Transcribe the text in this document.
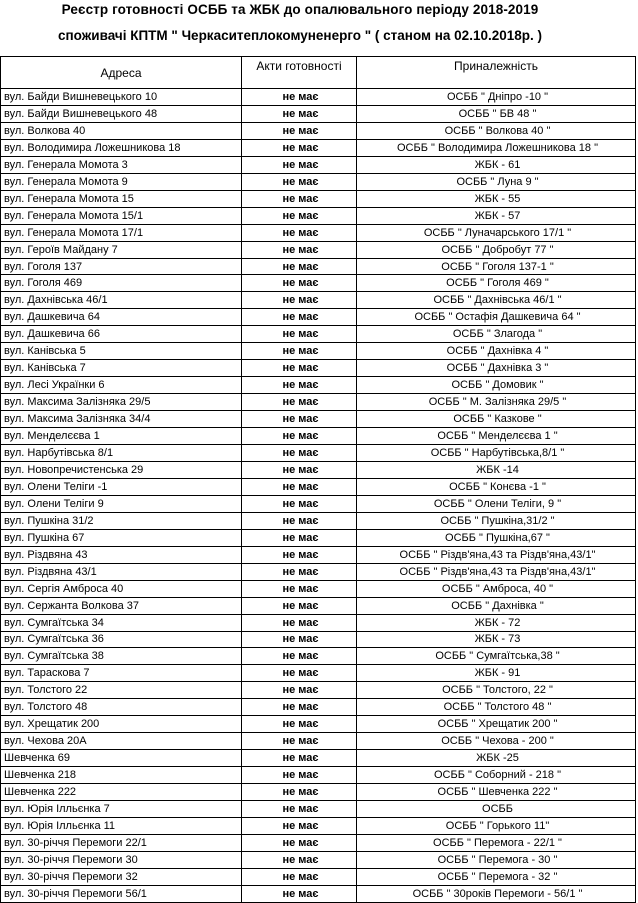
Реєстр готовності ОСББ та ЖБК до опалювального періоду 2018-2019
споживачі КПТМ " Черкаситеплокомуненерго " ( станом на 02.10.2018р. )
Адреса	Акти готовності	Принaлежність
вул. Байди Вишневецького 10	не має	ОСББ " Дніпро -10 "
вул. Байди Вишневецького 48	не має	ОСББ " БВ 48 "
вул. Волкова 40	не має	ОСББ " Волкова 40 "
вул. Володимира Ложешникова 18	не має	ОСББ " Володимира Ложешникова 18 "
вул. Генерала Момота 3	не має	ЖБК - 61
вул. Генерала Момота 9	не має	ОСББ " Луна 9 "
вул. Генерала Момота 15	не має	ЖБК - 55
вул. Генерала Момота 15/1	не має	ЖБК - 57
вул. Генерала Момота 17/1	не має	ОСББ " Луначарського 17/1 "
вул. Героїв Майдану 7	не має	ОСББ " Добробут 77 "
вул. Гоголя 137	не має	ОСББ " Гоголя 137-1 "
вул. Гоголя 469	не має	ОСББ " Гоголя 469 "
вул. Дахнівська 46/1	не має	ОСББ " Дахнівська 46/1 "
вул. Дашкевича 64	не має	ОСББ " Остафія Дашкевича 64 "
вул. Дашкевича 66	не має	ОСББ " Злагода "
вул. Канівська 5	не має	ОСББ " Дахнівка 4 "
вул. Канівська 7	не має	ОСББ " Дахнівка 3 "
вул. Лесі Українки 6	не має	ОСББ " Домовик "
вул. Максима Залізняка 29/5	не має	ОСББ " М. Залізняка 29/5 "
вул. Максима Залізняка 34/4	не має	ОСББ " Казкове "
вул. Менделєєва 1	не має	ОСББ " Менделєєва 1 "
вул. Нарбутівська 8/1	не має	ОСББ " Нарбутівська,8/1 "
вул. Новопречистенська 29	не має	ЖБК -14
вул. Олени Теліги -1	не має	ОСББ " Конєва -1 "
вул. Олени Теліги 9	не має	ОСББ " Олени Теліги, 9 "
вул. Пушкіна 31/2	не має	ОСББ " Пушкіна,31/2 "
вул. Пушкіна 67	не має	ОСББ " Пушкіна,67 "
вул. Різдвяна 43	не має	ОСББ " Різдв'яна,43 та Різдв'яна,43/1"
вул. Різдвяна 43/1	не має	ОСББ " Різдв'яна,43 та Різдв'яна,43/1"
вул. Сергія Амброса 40	не має	ОСББ " Амброса, 40 "
вул. Сержанта Волкова 37	не має	ОСББ " Дахнівка "
вул. Сумгаїтська 34	не має	ЖБК - 72
вул. Сумгаїтська 36	не має	ЖБК - 73
вул. Сумгаїтська 38	не має	ОСББ " Сумгаїтська,38 "
вул. Тараскова 7	не має	ЖБК - 91
вул. Толстого 22	не має	ОСББ " Толстого, 22 "
вул. Толстого 48	не має	ОСББ " Толстого 48 "
вул. Хрещатик 200	не має	ОСББ " Хрещатик 200 "
вул. Чехова 20А	не має	ОСББ " Чехова - 200 "
Шевченка 69	не має	ЖБК -25
Шевченка 218	не має	ОСББ " Соборний - 218 "
Шевченка 222	не має	ОСББ " Шевченка 222 "
вул. Юрія Ілльєнка 7	не має	ОСББ
вул. Юрія Ілльєнка 11	не має	ОСББ " Горького 11"
вул. 30-річчя Перемоги 22/1	не має	ОСББ " Перемога - 22/1 "
вул. 30-річчя Перемоги 30	не має	ОСББ " Перемога - 30 "
вул. 30-річчя Перемоги 32	не має	ОСББ " Перемога - 32 "
вул. 30-річчя Перемоги 56/1	не має	ОСББ " 30років Перемоги - 56/1 "
